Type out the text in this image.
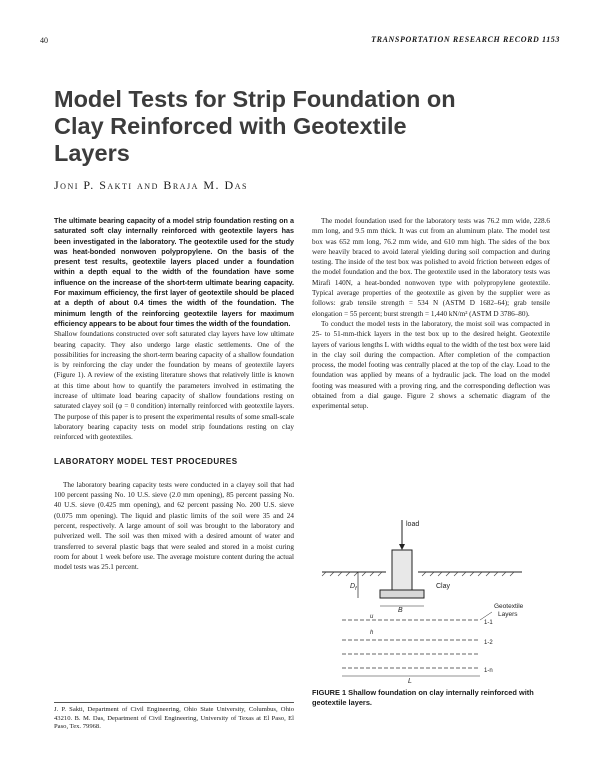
40	TRANSPORTATION RESEARCH RECORD 1153
Model Tests for Strip Foundation on Clay Reinforced with Geotextile Layers
Joni P. Sakti and Braja M. Das

The ultimate bearing capacity of a model strip foundation resting on a saturated soft clay internally reinforced with geotextile layers has been investigated in the laboratory. The geotextile used for the study was heat-bonded nonwoven polypropylene. On the basis of the present test results, geotextile layers placed under a foundation within a depth equal to the width of the foundation have some influence on the increase of the short-term ultimate bearing capacity. For maximum efficiency, the first layer of geotextile should be placed at a depth of about 0.4 times the width of the foundation. The minimum length of the reinforcing geotextile layers for maximum efficiency appears to be about four times the width of the foundation.

Shallow foundations constructed over soft saturated clay layers have low ultimate bearing capacity. They also undergo large elastic settlements. One of the possibilities for increasing the short-term bearing capacity of a shallow foundation is by reinforcing the clay under the foundation by means of geotextile layers (Figure 1). A review of the existing literature shows that relatively little is known at this time about how to quantify the parameters involved in estimating the increase of ultimate load bearing capacity of shallow foundations resting on saturated clayey soil (φ = 0 condition) internally reinforced with geotextile layers. The purpose of this paper is to present the experimental results of some small-scale laboratory bearing capacity tests on model strip foundations resting on clay reinforced with geotextiles.

LABORATORY MODEL TEST PROCEDURES

The laboratory bearing capacity tests were conducted in a clayey soil that had 100 percent passing No. 10 U.S. sieve (2.0 mm opening), 85 percent passing No. 40 U.S. sieve (0.425 mm opening), and 62 percent passing No. 200 U.S. sieve (0.075 mm opening). The liquid and plastic limits of the soil were 35 and 24 percent, respectively. A large amount of soil was brought to the laboratory and pulverized well. The soil was then mixed with a desired amount of water and transferred to several plastic bags that were sealed and stored in a moist curing room for about 1 week before use. The average moisture content during the actual model tests was 25.1 percent.

J. P. Sakti, Department of Civil Engineering, Ohio State University, Columbus, Ohio 43210. B. M. Das, Department of Civil Engineering, University of Texas at El Paso, El Paso, Tex. 79968.

The model foundation used for the laboratory tests was 76.2 mm wide, 228.6 mm long, and 9.5 mm thick. It was cut from an aluminum plate. The model test box was 652 mm long, 76.2 mm wide, and 610 mm high. The sides of the box were heavily braced to avoid lateral yielding during soil compaction and during testing. The inside of the test box was polished to avoid friction between edges of the model foundation and the box. The geotextile used in the laboratory tests was Mirafi 140N, a heat-bonded nonwoven type with polypropylene geotextile. Typical average properties of the geotextile as given by the supplier were as follows: grab tensile strength = 534 N (ASTM D 1682–64); grab tensile elongation = 55 percent; burst strength = 1,440 kN/m² (ASTM D 3786–80).

To conduct the model tests in the laboratory, the moist soil was compacted in 25- to 51-mm-thick layers in the test box up to the desired height. Geotextile layers of various lengths L with widths equal to the width of the test box were laid in the clay soil during the compaction. After completion of the compaction process, the model footing was centrally placed at the top of the clay. Load to the foundation was applied by means of a hydraulic jack. The load on the model footing was measured with a proving ring, and the corresponding deflection was obtained from a dial gauge. Figure 2 shows a schematic diagram of the experimental setup.

load
$D_f$	Clay
B
u
h
Geotextile
Layers
1-1
1-2
1-n
L
FIGURE 1 Shallow foundation on clay internally reinforced with geotextile layers.
